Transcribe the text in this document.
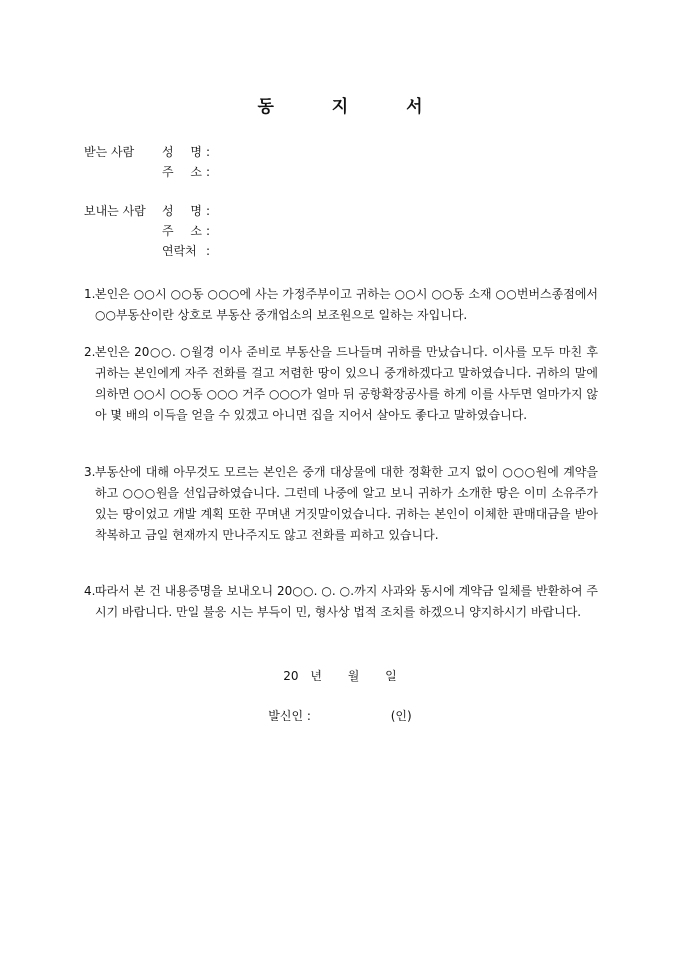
동 지 서
받는 사람	성 명 :
주 소 :
보내는 사람	성 명 :
주 소 :
연락처 :
1. 본인은 ○○시 ○○동 ○○○에 사는 가정주부이고 귀하는 ○○시 ○○동 소재 ○○번버스종점에서 ○○부동산이란 상호로 부동산 중개업소의 보조원으로 일하는 자입니다.
2. 본인은 20○○. ○월경 이사 준비로 부동산을 드나들며 귀하를 만났습니다. 이사를 모두 마친 후 귀하는 본인에게 자주 전화를 걸고 저렴한 땅이 있으니 중개하겠다고 말하였습니다. 귀하의 말에 의하면 ○○시 ○○동 ○○○ 거주 ○○○가 얼마 뒤 공항확장공사를 하게 이를 사두면 얼마가지 않아 몇 배의 이득을 얻을 수 있겠고 아니면 집을 지어서 살아도 좋다고 말하였습니다.
3. 부동산에 대해 아무것도 모르는 본인은 중개 대상물에 대한 정확한 고지 없이 ○○○원에 계약을 하고 ○○○원을 선입금하였습니다. 그런데 나중에 알고 보니 귀하가 소개한 땅은 이미 소유주가 있는 땅이었고 개발 계획 또한 꾸며낸 거짓말이었습니다. 귀하는 본인이 이체한 판매대금을 받아 착복하고 금일 현재까지 만나주지도 않고 전화를 피하고 있습니다.
4. 따라서 본 건 내용증명을 보내오니 20○○. ○. ○.까지 사과와 동시에 계약금 일체를 반환하여 주시기 바랍니다. 만일 불응 시는 부득이 민, 형사상 법적 조치를 하겠으니 양지하시기 바랍니다.
20 년 월 일
발신인 :	(인)
